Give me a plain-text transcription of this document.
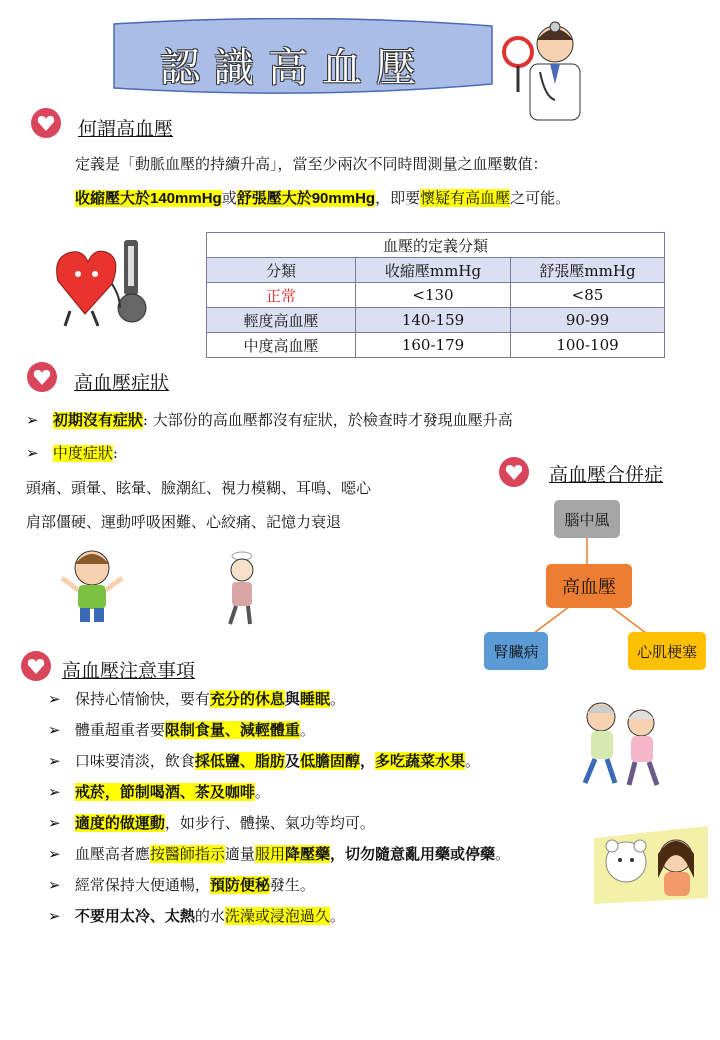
認識高血壓
何謂高血壓
定義是「動脈血壓的持續升高」，當至少兩次不同時間測量之血壓數值：
收縮壓大於140mmHg或舒張壓大於90mmHg，即要懷疑有高血壓之可能。
血壓的定義分類		
分類	收縮壓mmHg	舒張壓mmHg
正常	<130	<85
輕度高血壓	140-159	90-99
中度高血壓	160-179	100-109
高血壓症狀
➢ 初期沒有症狀: 大部份的高血壓都沒有症狀，於檢查時才發現血壓升高
➢ 中度症狀:
頭痛、頭暈、眩暈、臉潮紅、視力模糊、耳鳴、噁心
肩部僵硬、運動呼吸困難、心絞痛、記憶力衰退
高血壓合併症
腦中風
高血壓
腎臟病	心肌梗塞
高血壓注意事項
➢ 保持心情愉快，要有充分的休息與睡眠。
➢ 體重超重者要限制食量、減輕體重。
➢ 口味要清淡，飲食採低鹽、脂肪及低膽固醇，多吃蔬菜水果。
➢ 戒菸，節制喝酒、茶及咖啡。
➢ 適度的做運動，如步行、體操、氣功等均可。
➢ 血壓高者應按醫師指示適量服用降壓藥，切勿隨意亂用藥或停藥。
➢ 經常保持大便通暢，預防便秘發生。
➢ 不要用太冷、太熱的水洗澡或浸泡過久。
